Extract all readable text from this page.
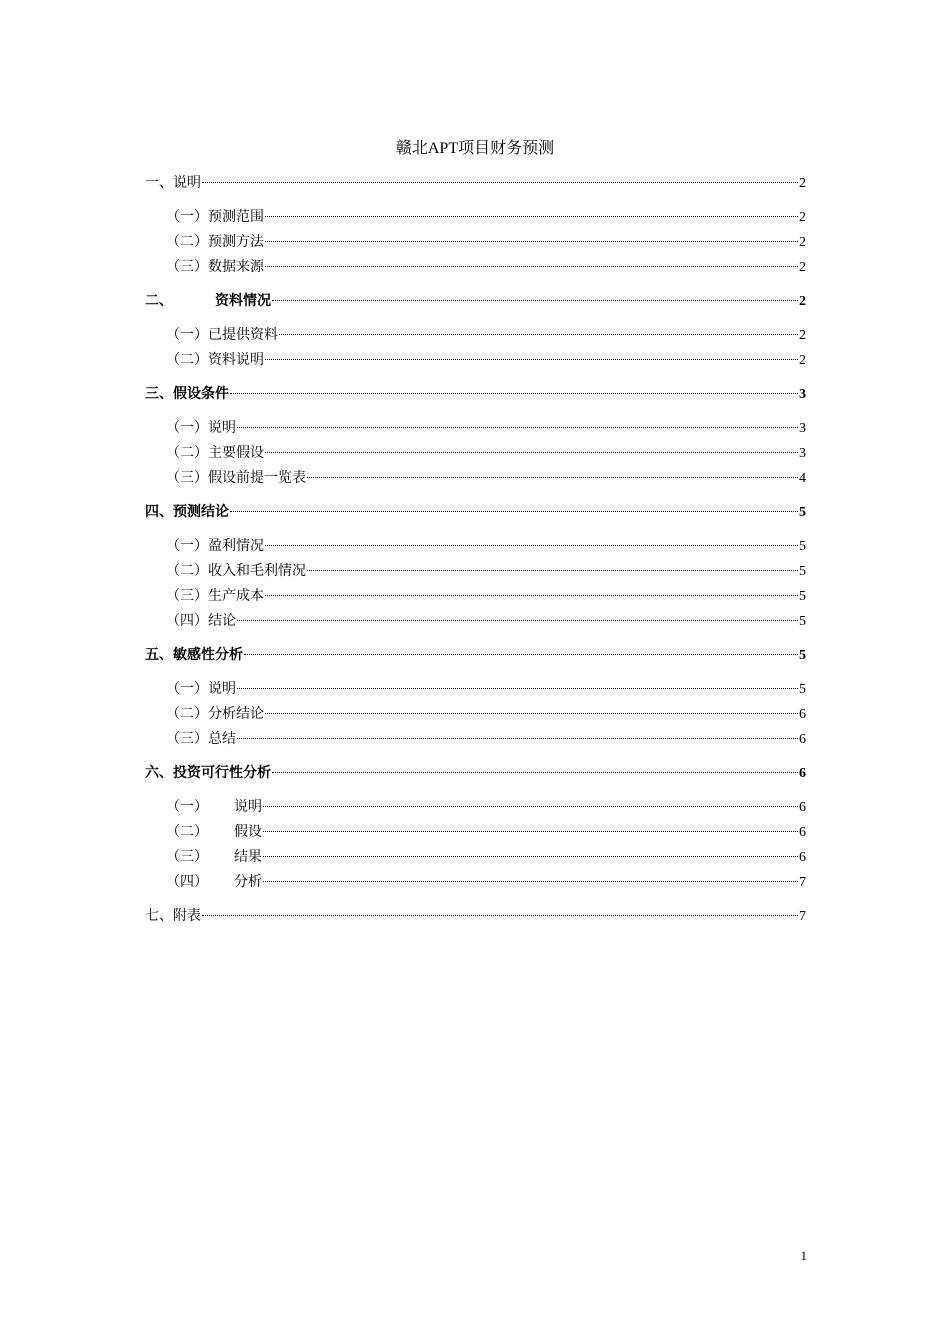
赣北APT项目财务预测
一、 说明	2
（一） 预测范围	2
（二） 预测方法	2
（三） 数据来源	2
二、	资料情况	2
（一） 已提供资料	2
（二） 资料说明	2
三、 假设条件	3
（一） 说明	3
（二） 主要假设	3
（三） 假设前提一览表	4
四、 预测结论	5
（一） 盈利情况	5
（二） 收入和毛利情况	5
（三） 生产成本	5
（四） 结论	5
五、 敏感性分析	5
（一） 说明	5
（二） 分析结论	6
（三） 总结	6
六、 投资可行性分析	6
（一） 说明	6
（二） 假设	6
（三） 结果	6
（四） 分析	7
七、 附表	7
1
